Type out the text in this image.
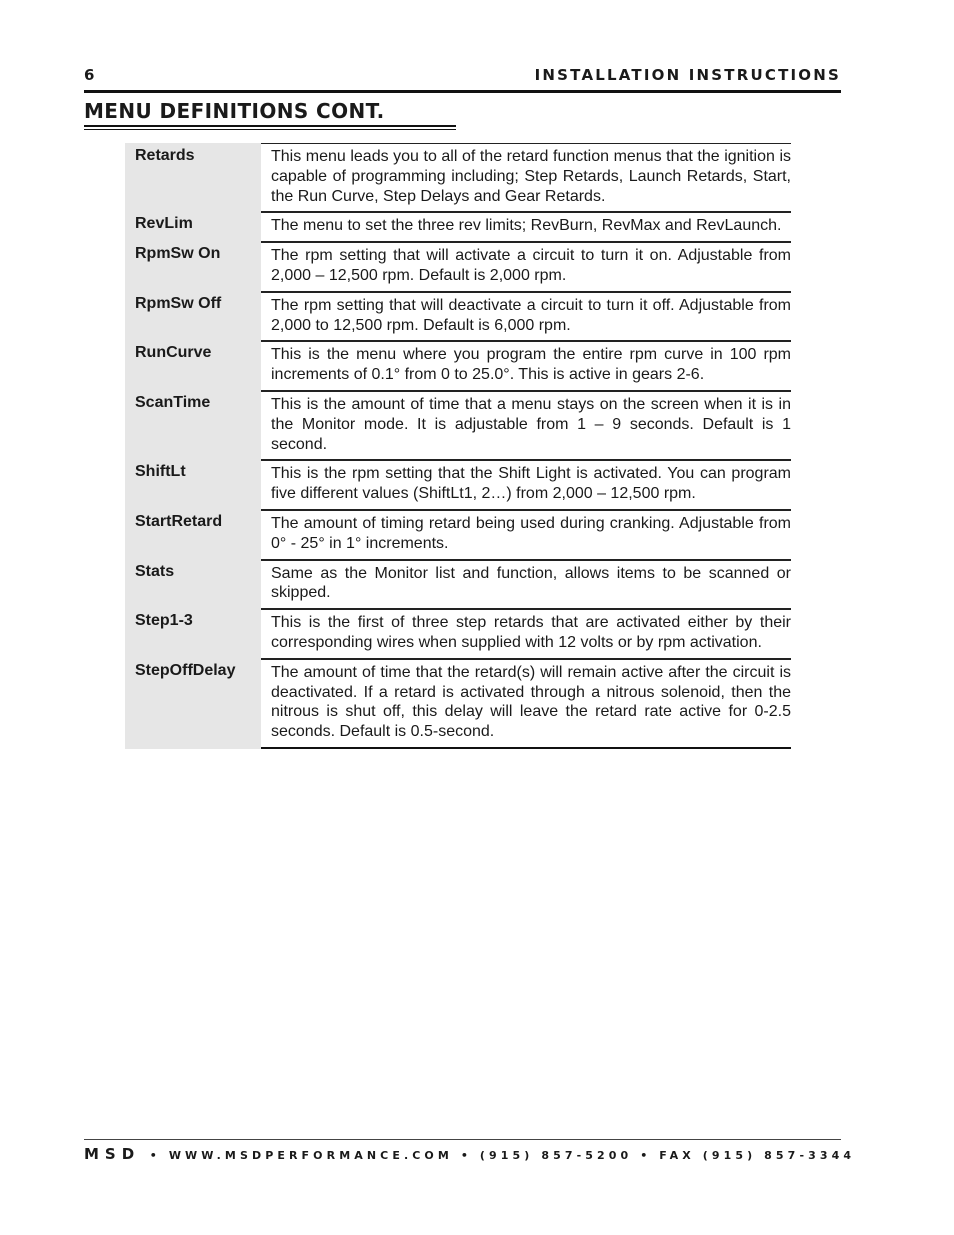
6	INSTALLATION INSTRUCTIONS
MENU DEFINITIONS CONT.
Retards	This menu leads you to all of the retard function menus that the ignition is capable of programming including; Step Retards, Launch Retards, Start, the Run Curve, Step Delays and Gear Retards.
RevLim	The menu to set the three rev limits; RevBurn, RevMax and RevLaunch.
RpmSw On	The rpm setting that will activate a circuit to turn it on. Adjustable from 2,000 – 12,500 rpm. Default is 2,000 rpm.
RpmSw Off	The rpm setting that will deactivate a circuit to turn it off. Adjustable from 2,000 to 12,500 rpm. Default is 6,000 rpm.
RunCurve	This is the menu where you program the entire rpm curve in 100 rpm increments of 0.1° from 0 to 25.0°. This is active in gears 2-6.
ScanTime	This is the amount of time that a menu stays on the screen when it is in the Monitor mode. It is adjustable from 1 – 9 seconds. Default is 1 second.
ShiftLt	This is the rpm setting that the Shift Light is activated. You can program five different values (ShiftLt1, 2…) from 2,000 – 12,500 rpm.
StartRetard	The amount of timing retard being used during cranking. Adjustable from 0° - 25° in 1° increments.
Stats	Same as the Monitor list and function, allows items to be scanned or skipped.
Step1-3	This is the first of three step retards that are activated either by their corresponding wires when supplied with 12 volts or by rpm activation.
StepOffDelay	The amount of time that the retard(s) will remain active after the circuit is deactivated. If a retard is activated through a nitrous solenoid, then the nitrous is shut off, this delay will leave the retard rate active for 0-2.5 seconds. Default is 0.5-second.
MSD • WWW.MSDPERFORMANCE.COM • (915) 857-5200 • FAX (915) 857-3344
